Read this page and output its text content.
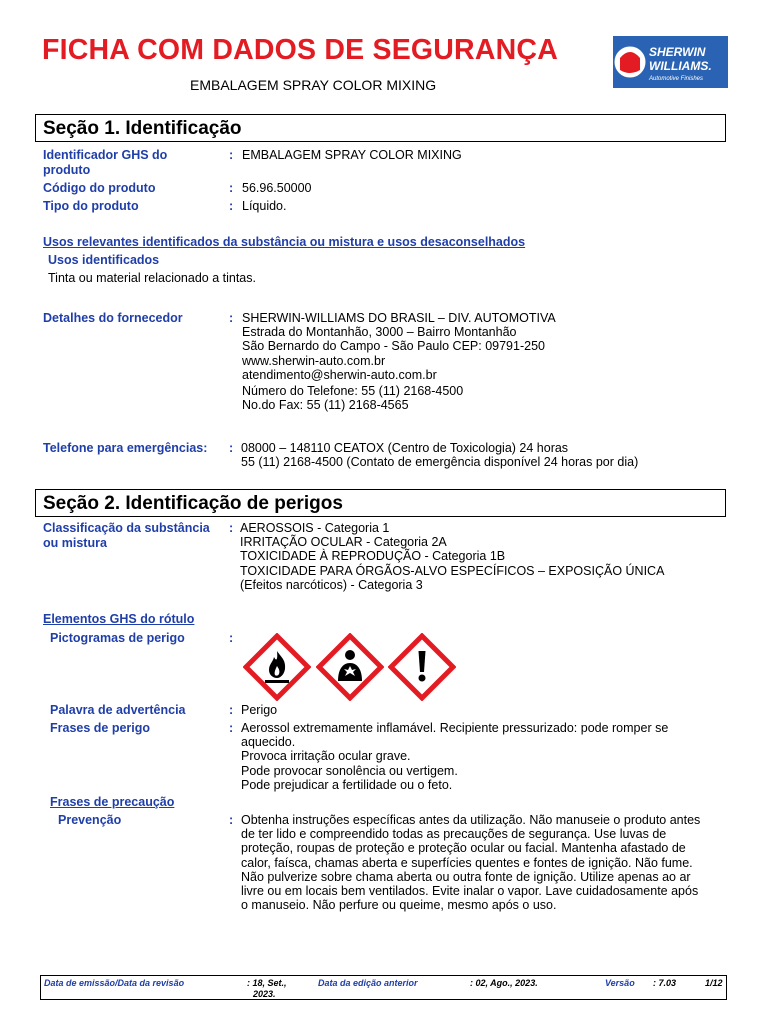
FICHA COM DADOS DE SEGURANÇA
EMBALAGEM SPRAY COLOR MIXING
SHERWIN
WILLIAMS.
Automotive Finishes
Seção 1. Identificação
Identificador GHS do
produto
: EMBALAGEM SPRAY COLOR MIXING
Código do produto	: 56.96.50000
Tipo do produto	: Líquido.
Usos relevantes identificados da substância ou mistura e usos desaconselhados
Usos identificados
Tinta ou material relacionado a tintas.
Detalhes do fornecedor	: SHERWIN-WILLIAMS DO BRASIL – DIV. AUTOMOTIVA
Estrada do Montanhão, 3000 – Bairro Montanhão
São Bernardo do Campo - São Paulo CEP: 09791-250
www.sherwin-auto.com.br
atendimento@sherwin-auto.com.br
Número do Telefone: 55 (11) 2168-4500
No.do Fax: 55 (11) 2168-4565
Telefone para emergências: : 08000 – 148110 CEATOX (Centro de Toxicologia) 24 horas
55 (11) 2168-4500 (Contato de emergência disponível 24 horas por dia)
Seção 2. Identificação de perigos
Classificação da substância
ou mistura
: AEROSSOIS - Categoria 1
IRRITAÇÃO OCULAR - Categoria 2A
TOXICIDADE À REPRODUÇÃO - Categoria 1B
TOXICIDADE PARA ÓRGÃOS-ALVO ESPECÍFICOS – EXPOSIÇÃO ÚNICA
(Efeitos narcóticos) - Categoria 3
Elementos GHS do rótulo
Pictogramas de perigo	:
Palavra de advertência	: Perigo
Frases de perigo	: Aerossol extremamente inflamável. Recipiente pressurizado: pode romper se
aquecido.
Provoca irritação ocular grave.
Pode provocar sonolência ou vertigem.
Pode prejudicar a fertilidade ou o feto.
Frases de precaução
Prevenção	: Obtenha instruções específicas antes da utilização. Não manuseie o produto antes
de ter lido e compreendido todas as precauções de segurança. Use luvas de
proteção, roupas de proteção e proteção ocular ou facial. Mantenha afastado de
calor, faísca, chamas aberta e superfícies quentes e fontes de ignição. Não fume.
Não pulverize sobre chama aberta ou outra fonte de ignição. Utilize apenas ao ar
livre ou em locais bem ventilados. Evite inalar o vapor. Lave cuidadosamente após
o manuseio. Não perfure ou queime, mesmo após o uso.
Data de emissão/Data da revisão	: 18, Set.,
2023.
Data da edição anterior	: 02, Ago., 2023.	Versão : 7.03	1/12
